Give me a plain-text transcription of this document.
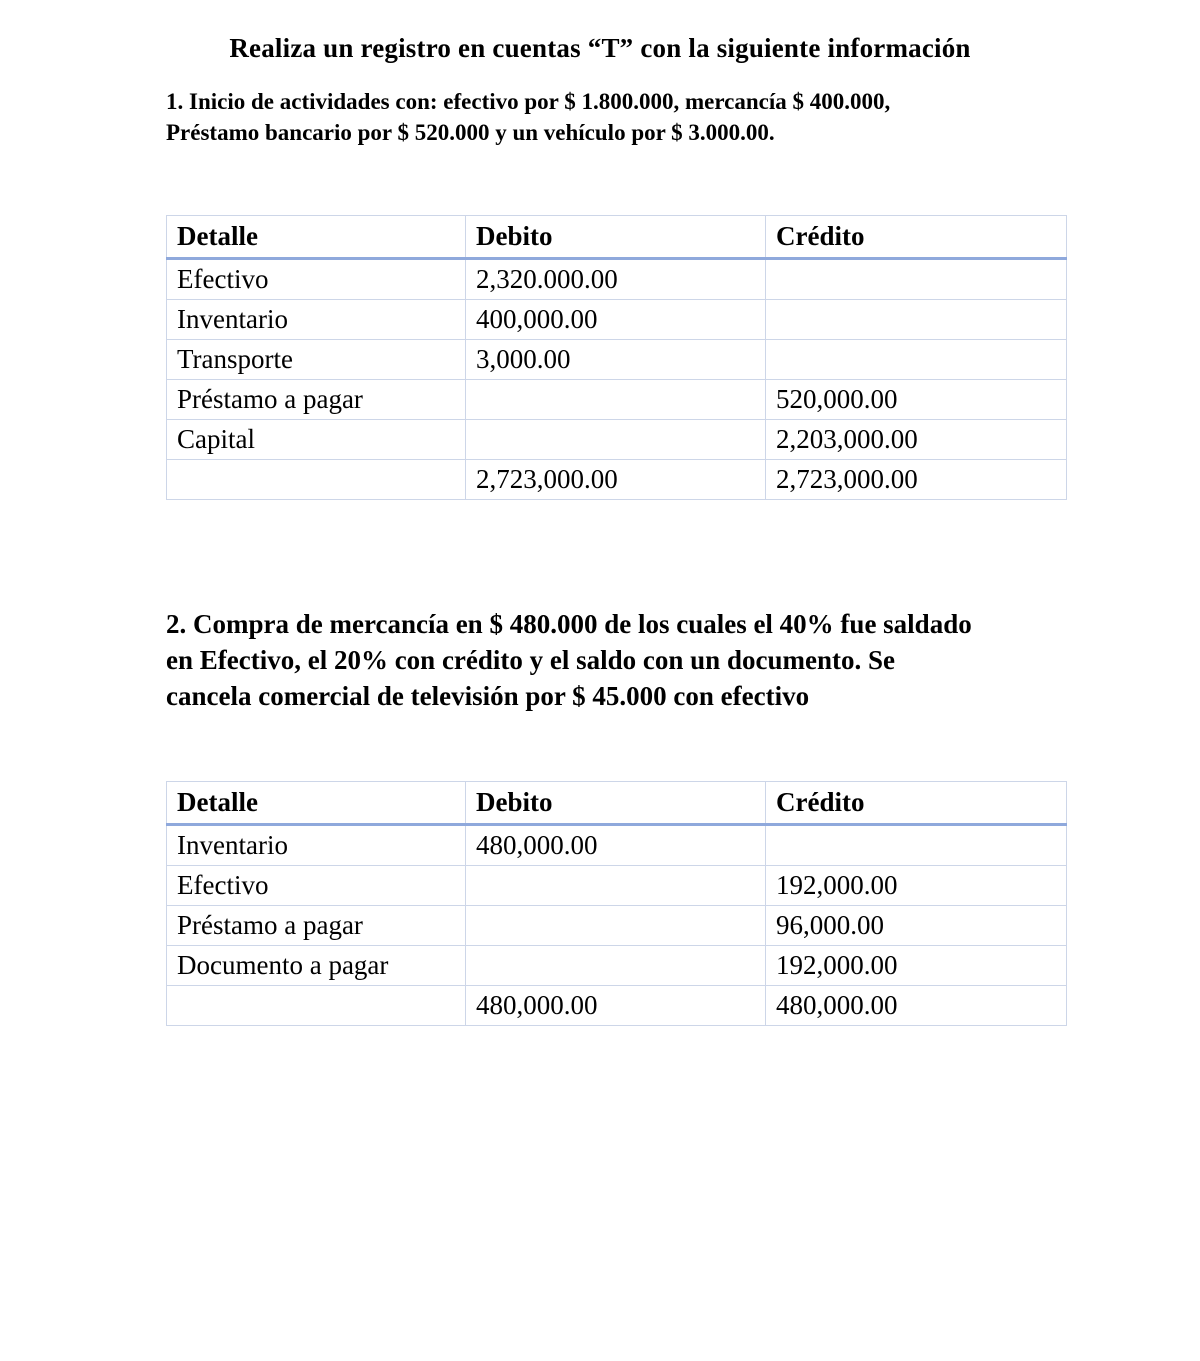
Realiza un registro en cuentas “T” con la siguiente información

1. Inicio de actividades con: efectivo por $ 1.800.000, mercancía $ 400.000,
Préstamo bancario por $ 520.000 y un vehículo por $ 3.000.00.

Detalle	Debito	Crédito
Efectivo	2,320.000.00	
Inventario	400,000.00	
Transporte	3,000.00	
Préstamo a pagar		520,000.00
Capital		2,203,000.00
	2,723,000.00	2,723,000.00

2. Compra de mercancía en $ 480.000 de los cuales el 40% fue saldado
en Efectivo, el 20% con crédito y el saldo con un documento. Se
cancela comercial de televisión por $ 45.000 con efectivo

Detalle	Debito	Crédito
Inventario	480,000.00	
Efectivo		192,000.00
Préstamo a pagar		96,000.00
Documento a pagar		192,000.00
	480,000.00	480,000.00
